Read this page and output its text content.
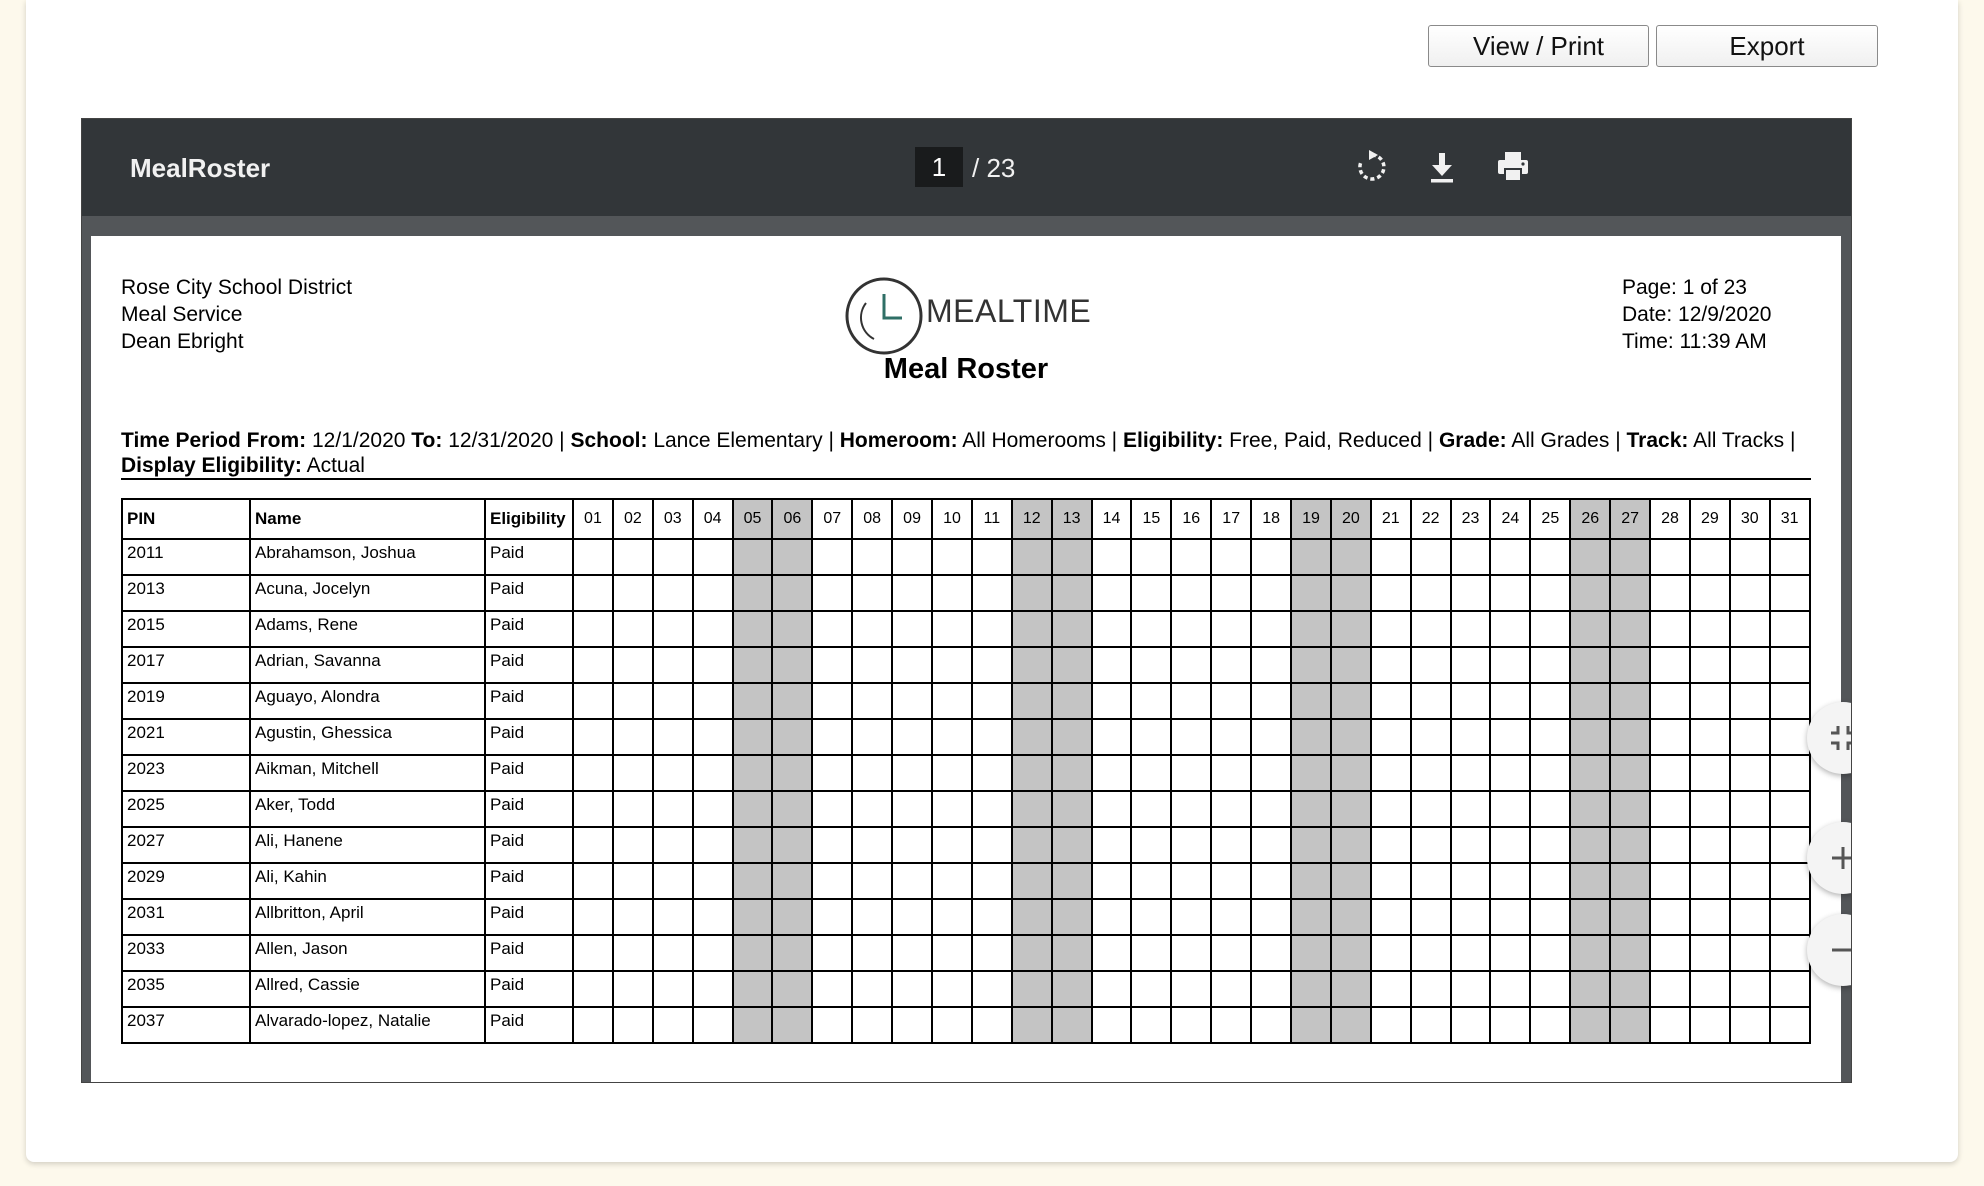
View / Print	Export
MealRoster	1 / 23
Rose City School District
Meal Service
Dean Ebright
MEALTIME
Page: 1 of 23
Date: 12/9/2020
Time: 11:39 AM
Meal Roster
Time Period From: 12/1/2020 To: 12/31/2020 | School: Lance Elementary | Homeroom: All Homerooms | Eligibility: Free, Paid, Reduced | Grade: All Grades | Track: All Tracks | Display Eligibility: Actual
PIN	Name	Eligibility	01	02	03	04	05	06	07	08	09	10	11	12	13	14	15	16	17	18	19	20	21	22	23	24	25	26	27	28	29	30	31
2011	Abrahamson, Joshua	Paid																															
2013	Acuna, Jocelyn	Paid																															
2015	Adams, Rene	Paid																															
2017	Adrian, Savanna	Paid																															
2019	Aguayo, Alondra	Paid																															
2021	Agustin, Ghessica	Paid																															
2023	Aikman, Mitchell	Paid																															
2025	Aker, Todd	Paid																															
2027	Ali, Hanene	Paid																															
2029	Ali, Kahin	Paid																															
2031	Allbritton, April	Paid																															
2033	Allen, Jason	Paid																															
2035	Allred, Cassie	Paid																															
2037	Alvarado-lopez, Natalie	Paid																															
